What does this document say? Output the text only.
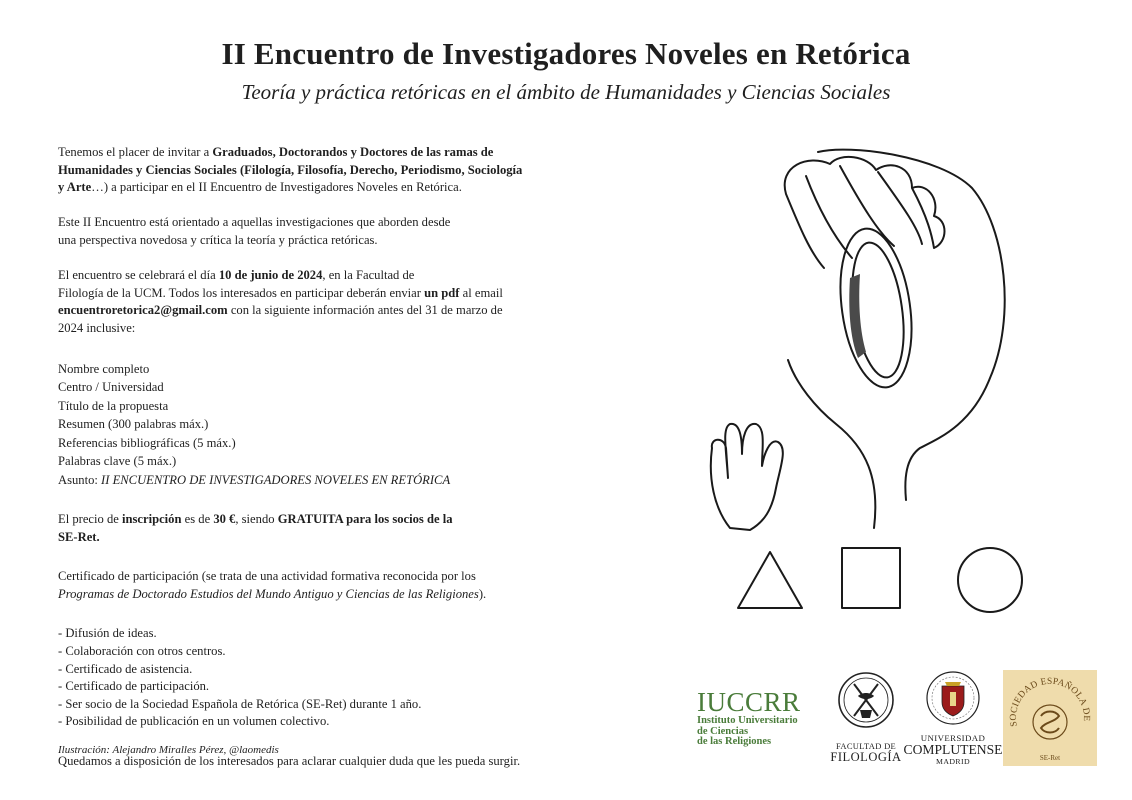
II Encuentro de Investigadores Noveles en Retórica
Teoría y práctica retóricas en el ámbito de Humanidades y Ciencias Sociales

Tenemos el placer de invitar a Graduados, Doctorandos y Doctores de las ramas de
Humanidades y Ciencias Sociales (Filología, Filosofía, Derecho, Periodismo, Sociología
y Arte…) a participar en el II Encuentro de Investigadores Noveles en Retórica.

Este II Encuentro está orientado a aquellas investigaciones que aborden desde
una perspectiva novedosa y crítica la teoría y práctica retóricas.

El encuentro se celebrará el día 10 de junio de 2024, en la Facultad de
Filología de la UCM. Todos los interesados en participar deberán enviar un pdf al email
encuentroretorica2@gmail.com con la siguiente información antes del 31 de marzo de
2024 inclusive:

Nombre completo
Centro / Universidad
Título de la propuesta
Resumen (300 palabras máx.)
Referencias bibliográficas (5 máx.)
Palabras clave (5 máx.)
Asunto: II ENCUENTRO DE INVESTIGADORES NOVELES EN RETÓRICA

El precio de inscripción es de 30 €, siendo GRATUITA para los socios de la
SE-Ret.

Certificado de participación (se trata de una actividad formativa reconocida por los
Programas de Doctorado Estudios del Mundo Antiguo y Ciencias de las Religiones).

- Difusión de ideas.
- Colaboración con otros centros.
- Certificado de asistencia.
- Certificado de participación.
- Ser socio de la Sociedad Española de Retórica (SE-Ret) durante 1 año.
- Posibilidad de publicación en un volumen colectivo.

Quedamos a disposición de los interesados para aclarar cualquier duda que les pueda surgir.

Ilustración: Alejandro Miralles Pérez, @laomedis
IUCCRR
Instituto Universitario
de Ciencias
de las Religiones	FACULTAD DE
FILOLOGÍA
UNIVERSIDAD
COMPLUTENSE
MADRID
SOCIEDAD ESPAÑOLA DE
SE-Ret
